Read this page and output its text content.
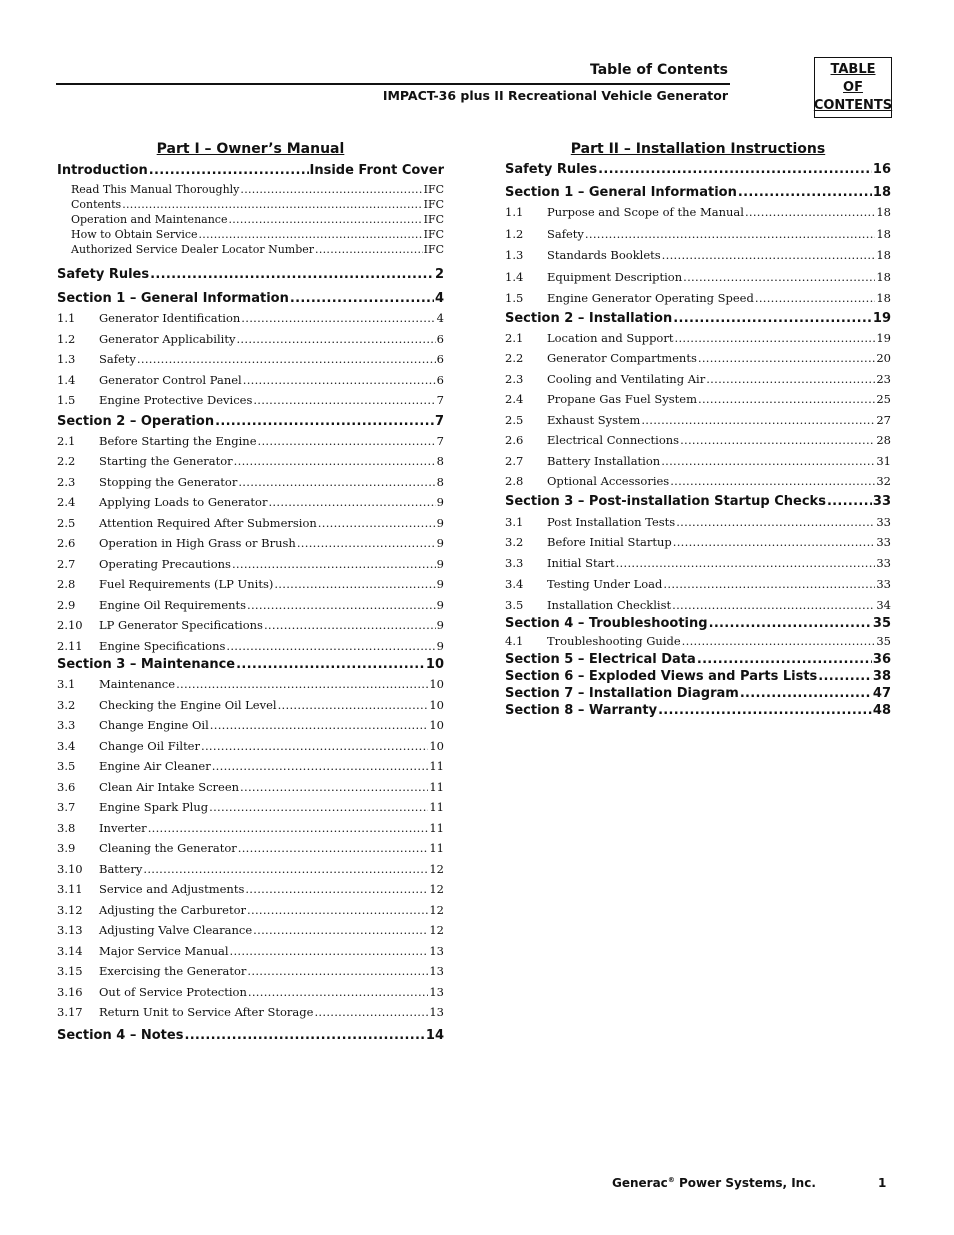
Table of Contents
IMPACT-36 plus II Recreational Vehicle Generator
TABLE
OF
CONTENTS
Part I – Owner’s Manual
Introduction .....	Inside Front Cover
Read This Manual Thoroughly .....	IFC
Contents .....	IFC
Operation and Maintenance .....	IFC
How to Obtain Service .....	IFC
Authorized Service Dealer Locator Number .....	IFC
Safety Rules .....	2
Section 1 – General Information .....	4
1.1	Generator Identification .....	4
1.2	Generator Applicability .....	6
1.3	Safety .....	6
1.4	Generator Control Panel .....	6
1.5	Engine Protective Devices .....	7
Section 2 – Operation .....	7
2.1	Before Starting the Engine .....	7
2.2	Starting the Generator .....	8
2.3	Stopping the Generator .....	8
2.4	Applying Loads to Generator .....	9
2.5	Attention Required After Submersion .....	9
2.6	Operation in High Grass or Brush .....	9
2.7	Operating Precautions .....	9
2.8	Fuel Requirements (LP Units) .....	9
2.9	Engine Oil Requirements .....	9
2.10	LP Generator Specifications .....	9
2.11	Engine Specifications .....	9
Section 3 – Maintenance .....	10
3.1	Maintenance .....	10
3.2	Checking the Engine Oil Level .....	10
3.3	Change Engine Oil .....	10
3.4	Change Oil Filter .....	10
3.5	Engine Air Cleaner .....	11
3.6	Clean Air Intake Screen .....	11
3.7	Engine Spark Plug .....	11
3.8	Inverter .....	11
3.9	Cleaning the Generator .....	11
3.10	Battery .....	12
3.11	Service and Adjustments .....	12
3.12	Adjusting the Carburetor .....	12
3.13	Adjusting Valve Clearance .....	12
3.14	Major Service Manual .....	13
3.15	Exercising the Generator .....	13
3.16	Out of Service Protection .....	13
3.17	Return Unit to Service After Storage .....	13
Section 4 – Notes .....	14
Part II – Installation Instructions
Safety Rules .....	16
Section 1 – General Information .....	18
1.1	Purpose and Scope of the Manual .....	18
1.2	Safety .....	18
1.3	Standards Booklets .....	18
1.4	Equipment Description .....	18
1.5	Engine Generator Operating Speed .....	18
Section 2 – Installation .....	19
2.1	Location and Support .....	19
2.2	Generator Compartments .....	20
2.3	Cooling and Ventilating Air .....	23
2.4	Propane Gas Fuel System .....	25
2.5	Exhaust System .....	27
2.6	Electrical Connections .....	28
2.7	Battery Installation .....	31
2.8	Optional Accessories .....	32
Section 3 – Post-installation Startup Checks .....	33
3.1	Post Installation Tests .....	33
3.2	Before Initial Startup .....	33
3.3	Initial Start .....	33
3.4	Testing Under Load .....	33
3.5	Installation Checklist .....	34
Section 4 – Troubleshooting .....	35
4.1	Troubleshooting Guide .....	35
Section 5 – Electrical Data .....	36
Section 6 – Exploded Views and Parts Lists .....	38
Section 7 – Installation Diagram .....	47
Section 8 – Warranty .....	48
Generac® Power Systems, Inc.	1
